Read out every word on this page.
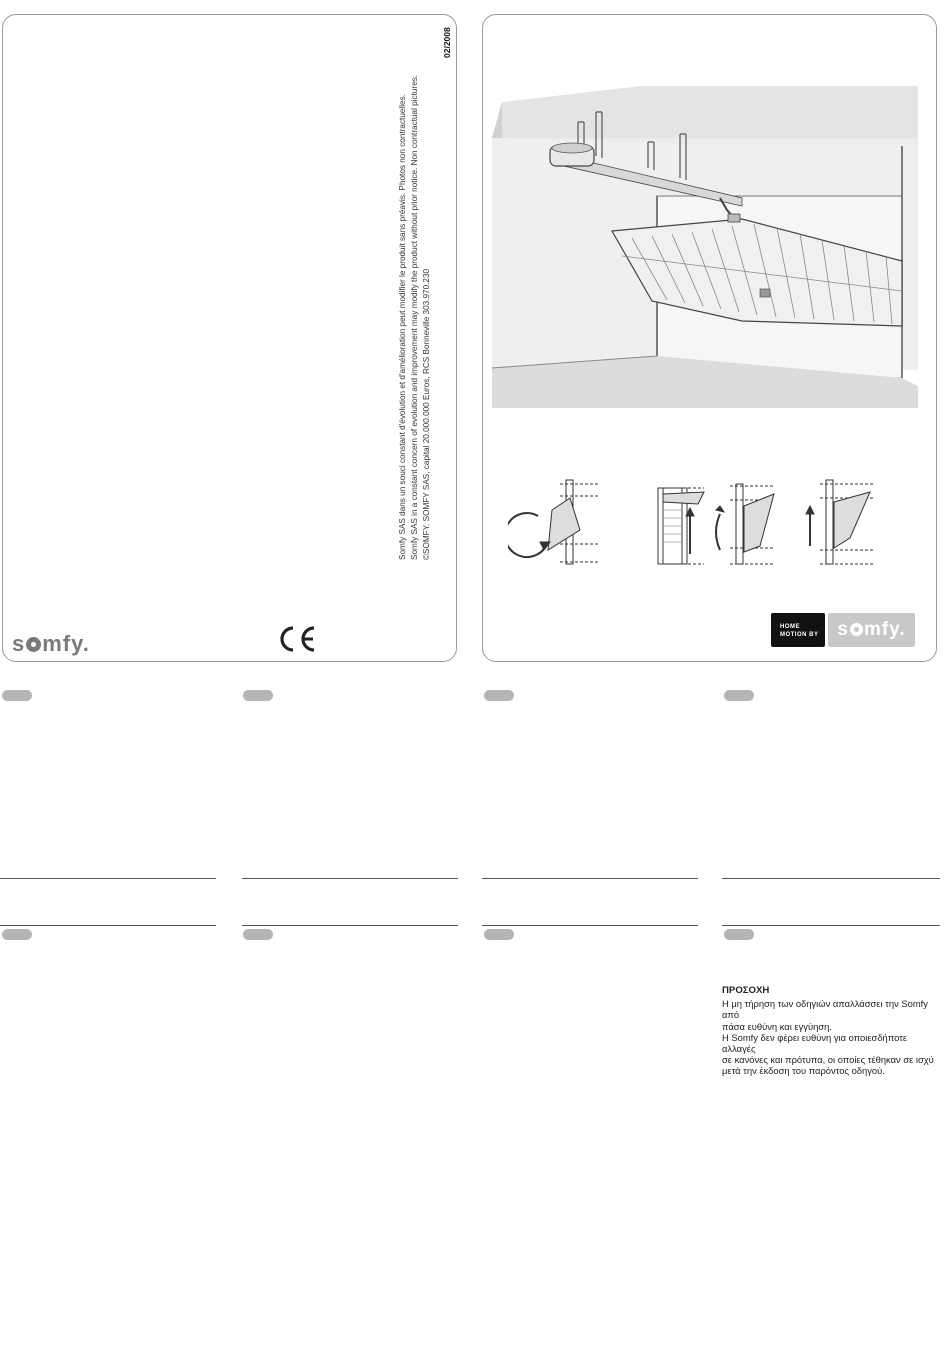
02/2008
Somfy SAS dans un souci constant d'évolution et d'amélioration peut modifier le produit sans préavis. Photos non contractuelles. Somfy SAS in a constant concern of evolution and improvement may modify the product without prior notice. Non contractual pictures. ©SOMFY. SOMFY SAS, capital 20.000.000 Euros, RCS Bonneville 303.970.230
s mfy.
HOME
MOTION BY s mfy.
ΠΡΟΣΟΧΗ
Η μη τήρηση των οδηγιών απαλλάσσει την Somfy από
πάσα ευθύνη και εγγύηση.
Η Somfy δεν φέρει ευθύνη για οποιεσδήποτε αλλαγές
σε κανόνες και πρότυπα, οι οποίες τέθηκαν σε ισχύ
μετά την έκδοση του παρόντος οδηγού.
